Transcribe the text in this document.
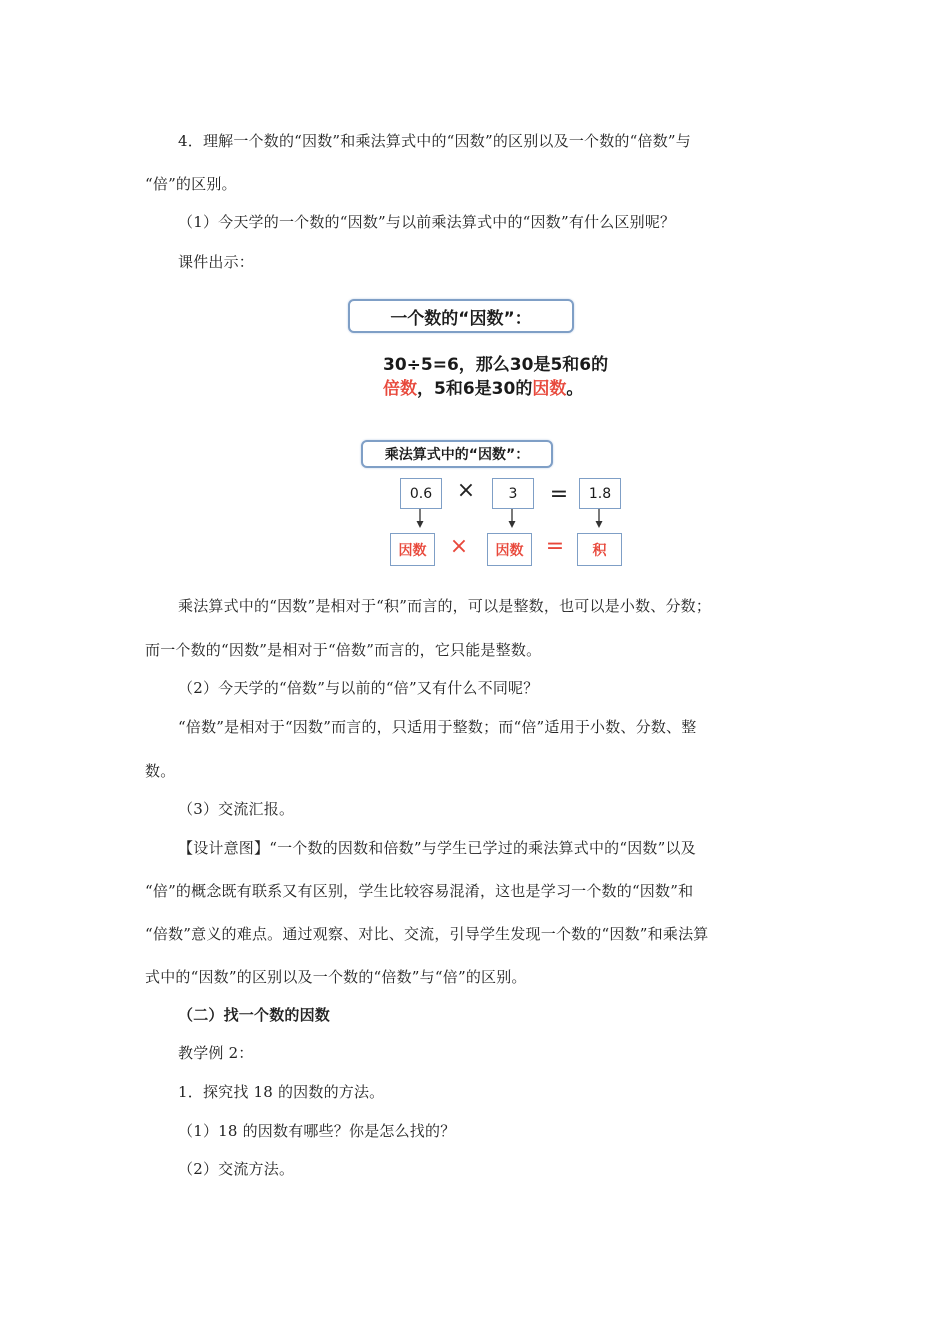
4．理解一个数的“因数”和乘法算式中的“因数”的区别以及一个数的“倍数”与
“倍”的区别。
（1）今天学的一个数的“因数”与以前乘法算式中的“因数”有什么区别呢？
课件出示：
一个数的“因数”：
30÷5=6，那么30是5和6的
倍数，5和6是30的因数。
乘法算式中的“因数”：
0.6	×	3	=	1.8
因数	×	因数	=	积
乘法算式中的“因数”是相对于“积”而言的，可以是整数，也可以是小数、分数；
而一个数的“因数”是相对于“倍数”而言的，它只能是整数。
（2）今天学的“倍数”与以前的“倍”又有什么不同呢？
“倍数”是相对于“因数”而言的，只适用于整数；而“倍”适用于小数、分数、整
数。
（3）交流汇报。
【设计意图】“一个数的因数和倍数”与学生已学过的乘法算式中的“因数”以及
“倍”的概念既有联系又有区别，学生比较容易混淆，这也是学习一个数的“因数”和
“倍数”意义的难点。通过观察、对比、交流，引导学生发现一个数的“因数”和乘法算
式中的“因数”的区别以及一个数的“倍数”与“倍”的区别。
（二）找一个数的因数
教学例 2：
1．探究找 18 的因数的方法。
（1）18 的因数有哪些？你是怎么找的？
（2）交流方法。
